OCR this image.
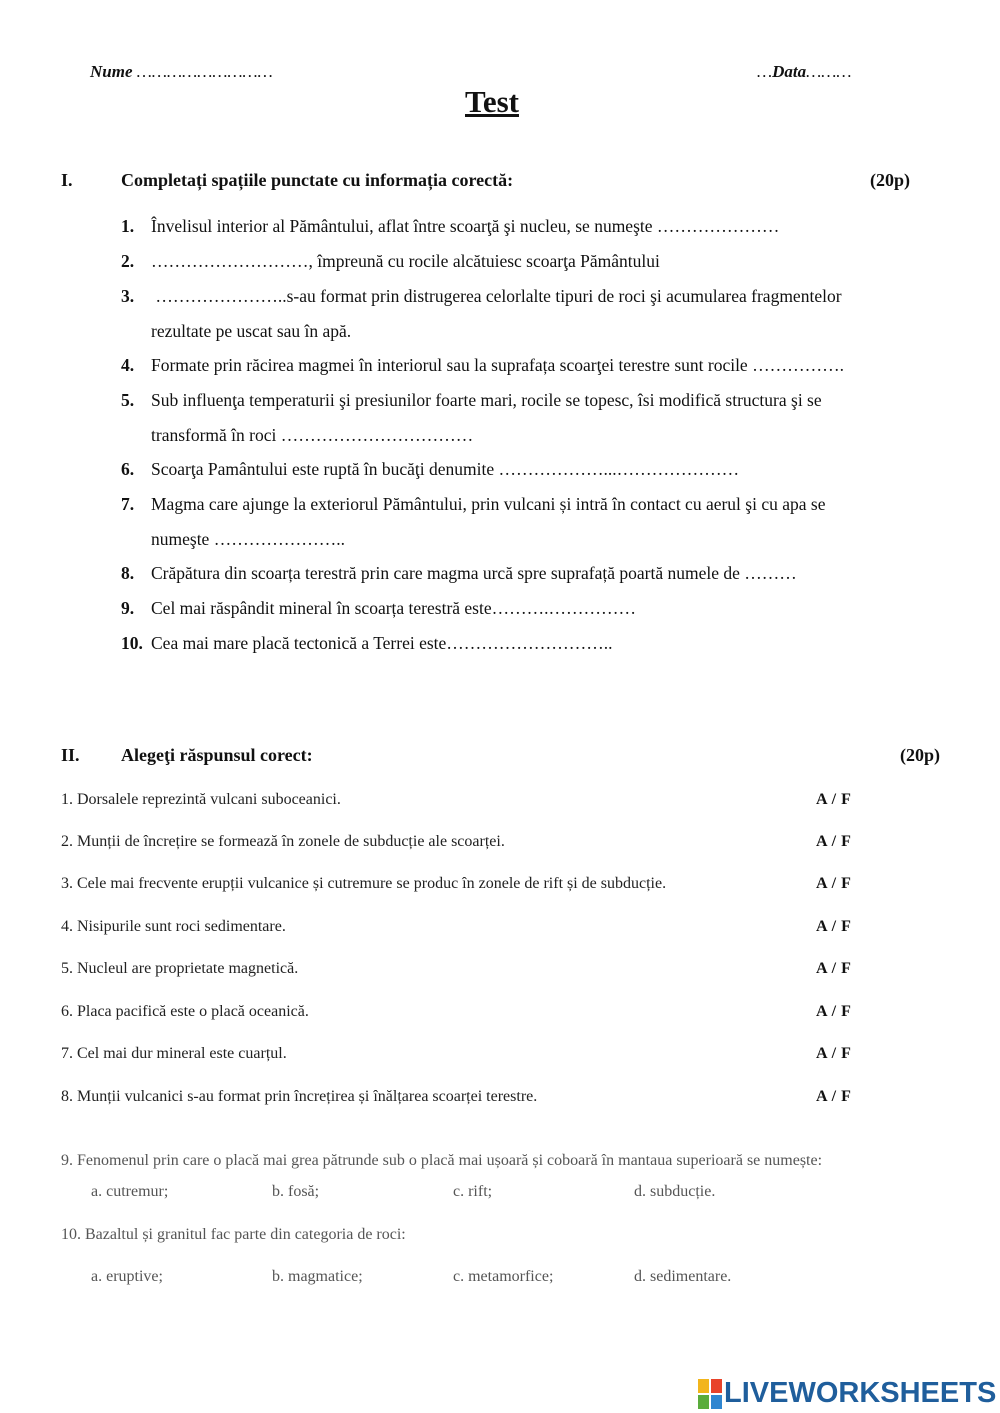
Nume ………………………	…Data………
Test
I.	Completați spațiile punctate cu informația corectă:	(20p)
1. Învelisul interior al Pământului, aflat între scoarţă şi nucleu, se numeşte …………………
2. ………………………, împreună cu rocile alcătuiesc scoarţa Pământului
3. …………………..s-au format prin distrugerea celorlalte tipuri de roci şi acumularea fragmentelor
rezultate pe uscat sau în apă.
4. Formate prin răcirea magmei în interiorul sau la suprafața scoarţei terestre sunt rocile …………….
5. Sub influenţa temperaturii şi presiunilor foarte mari, rocile se topesc, îsi modifică structura şi se
transformă în roci ……………………………
6. Scoarţa Pamântului este ruptă în bucăţi denumite ………………...…………………
7. Magma care ajunge la exteriorul Pământului, prin vulcani și intră în contact cu aerul şi cu apa se
numeşte …………………..
8. Crăpătura din scoarța terestră prin care magma urcă spre suprafață poartă numele de ………
9. Cel mai răspândit mineral în scoarța terestră este……….……………
10. Cea mai mare placă tectonică a Terrei este………………………..
II. Alegeţi răspunsul corect:	(20p)
1. Dorsalele reprezintă vulcani suboceanici.	A / F
2. Munții de încrețire se formează în zonele de subducție ale scoarței.	A / F
3. Cele mai frecvente erupții vulcanice și cutremure se produc în zonele de rift și de subducție.	A / F
4. Nisipurile sunt roci sedimentare.	A / F
5. Nucleul are proprietate magnetică.	A / F
6. Placa pacifică este o placă oceanică.	A / F
7. Cel mai dur mineral este cuarțul.	A / F
8. Munții vulcanici s-au format prin încrețirea și înălțarea scoarței terestre.	A / F
9. Fenomenul prin care o placă mai grea pătrunde sub o placă mai ușoară și coboară în mantaua superioară se numește:
a. cutremur;	b. fosă;	c. rift;	d. subducție.
10. Bazaltul și granitul fac parte din categoria de roci:
a. eruptive;	b. magmatice;	c. metamorfice;	d. sedimentare.
LIVEWORKSHEETS
